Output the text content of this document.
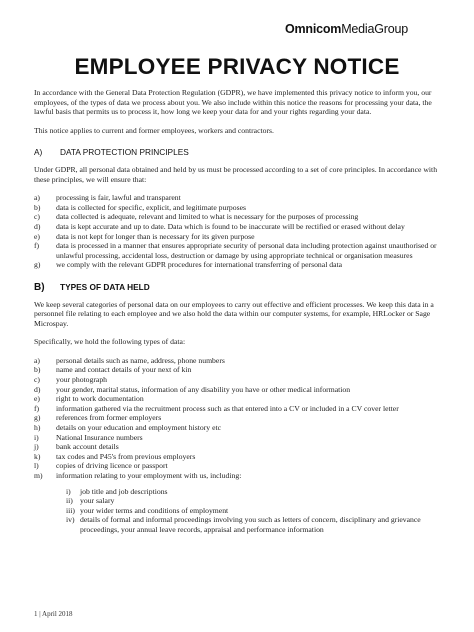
OmnicomMediaGroup
EMPLOYEE PRIVACY NOTICE

In accordance with the General Data Protection Regulation (GDPR), we have implemented this privacy notice to inform you, our employees, of the types of data we process about you. We also include within this notice the reasons for processing your data, the lawful basis that permits us to process it, how long we keep your data for and your rights regarding your data.

This notice applies to current and former employees, workers and contractors.

A) DATA PROTECTION PRINCIPLES

Under GDPR, all personal data obtained and held by us must be processed according to a set of core principles. In accordance with these principles, we will ensure that:

a)	processing is fair, lawful and transparent
b)	data is collected for specific, explicit, and legitimate purposes
c)	data collected is adequate, relevant and limited to what is necessary for the purposes of processing
d)	data is kept accurate and up to date. Data which is found to be inaccurate will be rectified or erased without delay
e)	data is not kept for longer than is necessary for its given purpose
f)	data is processed in a manner that ensures appropriate security of personal data including protection against unauthorised or unlawful processing, accidental loss, destruction or damage by using appropriate technical or organisation measures
g)	we comply with the relevant GDPR procedures for international transferring of personal data
B) TYPES OF DATA HELD

We keep several categories of personal data on our employees to carry out effective and efficient processes. We keep this data in a personnel file relating to each employee and we also hold the data within our computer systems, for example, HRLocker or Sage Microspay.

Specifically, we hold the following types of data:

a)	personal details such as name, address, phone numbers
b)	name and contact details of your next of kin
c)	your photograph
d)	your gender, marital status, information of any disability you have or other medical information
e)	right to work documentation
f)	information gathered via the recruitment process such as that entered into a CV or included in a CV cover letter
g)	references from former employers
h)	details on your education and employment history etc
i)	National Insurance numbers
j)	bank account details
k)	tax codes and P45's from previous employers
l)	copies of driving licence or passport
m)	information relating to your employment with us, including:
i)	job title and job descriptions
ii) your salary
iii) your wider terms and conditions of employment
iv) details of formal and informal proceedings involving you such as letters of concern, disciplinary and grievance proceedings, your annual leave records, appraisal and performance information
1 | April 2018
